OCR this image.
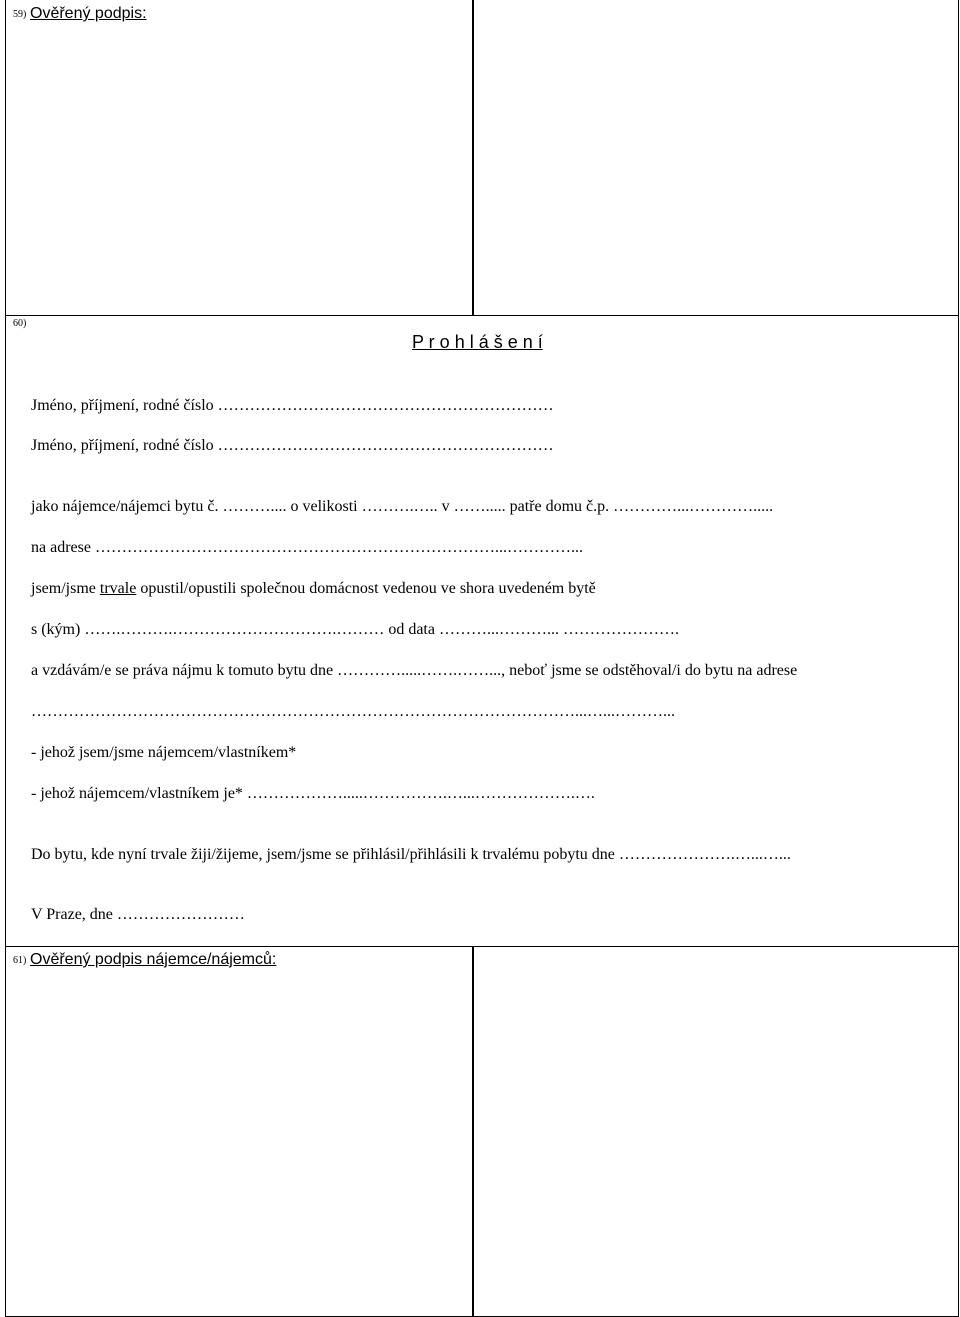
59) Ověřený podpis:
60)
P r o h l á š e n í
Jméno, příjmení, rodné číslo ………………………………………………………
Jméno, příjmení, rodné číslo ………………………………………………………
jako nájemce/nájemci bytu č. ……….... o velikosti ……….….. v ……..... patře domu č.p. …………...………….....
na adrese …………………………………………………………………...…………...
jsem/jsme trvale opustil/opustili společnou domácnost vedenou ve shora uvedeném bytě
s (kým) …….……….………………………….……… od data ………...………... ………………….
a vzdávám/e se práva nájmu k tomuto bytu dne ………….....…….……..., neboť jsme se odstěhoval/i do bytu na adrese
…………………………………………………………………………………………...…...………...
- jehož jsem/jsme nájemcem/vlastníkem*
- jehož nájemcem/vlastníkem je* ……………….....…………….…...……………….….
Do bytu, kde nyní trvale žiji/žijeme, jsem/jsme se přihlásil/přihlásili k trvalému pobytu dne ………………….…...…...
V Praze, dne ……………………
61) Ověřený podpis nájemce/nájemců:
